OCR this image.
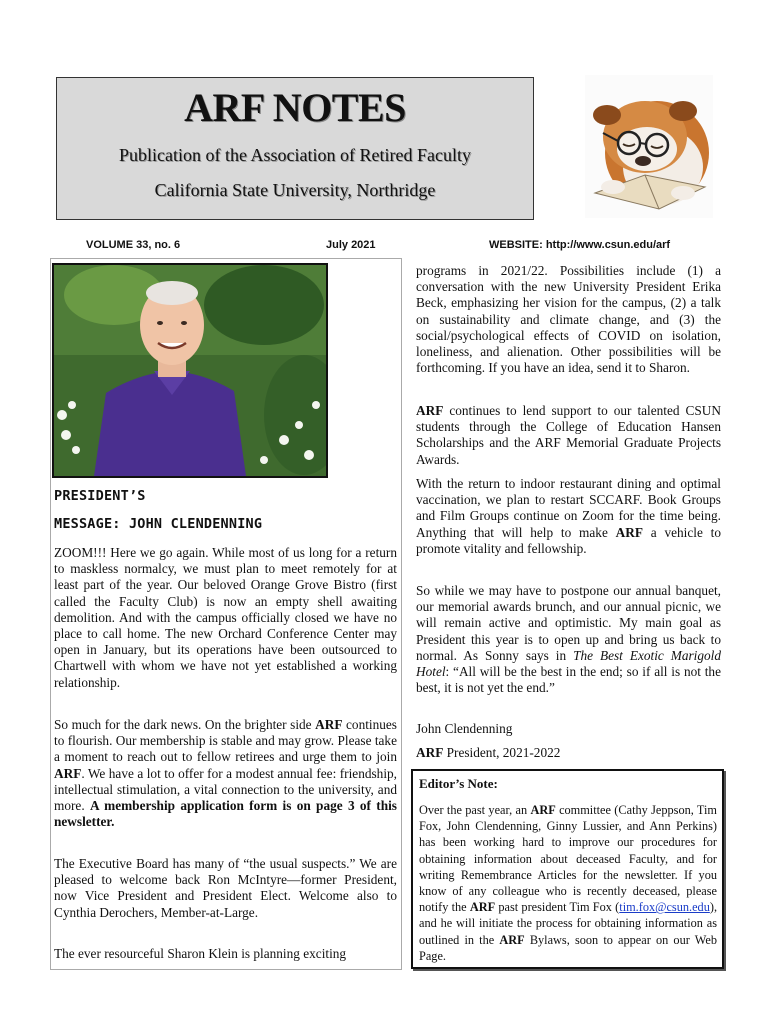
ARF NOTES
Publication of the Association of Retired Faculty
California State University, Northridge
VOLUME 33, no. 6	July 2021	WEBSITE: http://www.csun.edu/arf
PRESIDENT’S
MESSAGE: JOHN CLENDENNING
ZOOM!!! Here we go again. While most of us long for a return to maskless normalcy, we must plan to meet remotely for at least part of the year. Our beloved Orange Grove Bistro (first called the Faculty Club) is now an empty shell awaiting demolition. And with the campus officially closed we have no place to call home. The new Orchard Conference Center may open in January, but its operations have been outsourced to Chartwell with whom we have not yet established a working relationship.
So much for the dark news. On the brighter side ARF continues to flourish. Our membership is stable and may grow. Please take a moment to reach out to fellow retirees and urge them to join ARF. We have a lot to offer for a modest annual fee: friendship, intellectual stimulation, a vital connection to the university, and more. A membership application form is on page 3 of this newsletter.
The Executive Board has many of “the usual suspects.” We are pleased to welcome back Ron McIntyre—former President, now Vice President and President Elect. Welcome also to Cynthia Derochers, Member-at-Large.
The ever resourceful Sharon Klein is planning exciting
programs in 2021/22. Possibilities include (1) a conversation with the new University President Erika Beck, emphasizing her vision for the campus, (2) a talk on sustainability and climate change, and (3) the social/psychological effects of COVID on isolation, loneliness, and alienation. Other possibilities will be forthcoming. If you have an idea, send it to Sharon.
ARF continues to lend support to our talented CSUN students through the College of Education Hansen Scholarships and the ARF Memorial Graduate Projects Awards.
With the return to indoor restaurant dining and optimal vaccination, we plan to restart SCCARF. Book Groups and Film Groups continue on Zoom for the time being. Anything that will help to make ARF a vehicle to promote vitality and fellowship.
So while we may have to postpone our annual banquet, our memorial awards brunch, and our annual picnic, we will remain active and optimistic. My main goal as President this year is to open up and bring us back to normal. As Sonny says in The Best Exotic Marigold Hotel: “All will be the best in the end; so if all is not the best, it is not yet the end.”
John Clendenning
ARF President, 2021-2022
Editor’s Note:
Over the past year, an ARF committee (Cathy Jeppson, Tim Fox, John Clendenning, Ginny Lussier, and Ann Perkins) has been working hard to improve our procedures for obtaining information about deceased Faculty, and for writing Remembrance Articles for the newsletter. If you know of any colleague who is recently deceased, please notify the ARF past president Tim Fox (tim.fox@csun.edu), and he will initiate the process for obtaining information as outlined in the ARF Bylaws, soon to appear on our Web Page.
